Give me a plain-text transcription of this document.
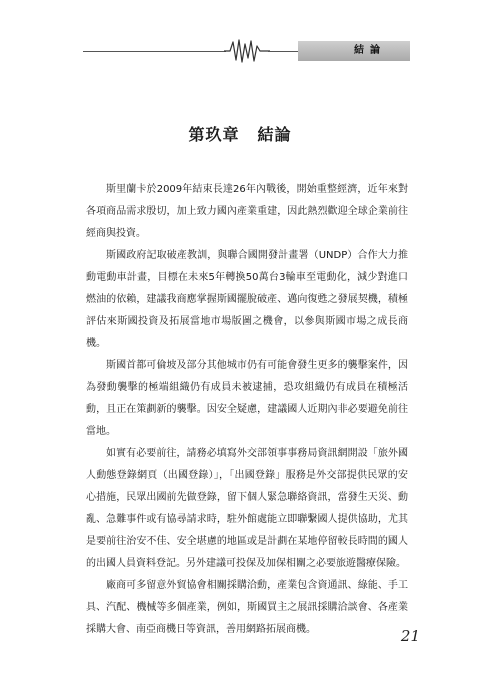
結論
第玖章 結論

斯里蘭卡於2009年結束長達26年內戰後，開始重整經濟，近年來對各項商品需求殷切，加上致力國內產業重建，因此熱烈歡迎全球企業前往經商與投資。

斯國政府記取破產教訓，與聯合國開發計畫署（UNDP）合作大力推動電動車計畫，目標在未來5年轉換50萬台3輪車至電動化，減少對進口燃油的依賴，建議我商應掌握斯國擺脫破產、邁向復甦之發展契機，積極評估來斯國投資及拓展當地市場版圖之機會，以參與斯國市場之成長商機。

斯國首都可倫坡及部分其他城市仍有可能會發生更多的襲擊案件，因為發動襲擊的極端組織仍有成員未被逮捕，恐攻組織仍有成員在積極活動，且正在策劃新的襲擊。因安全疑慮，建議國人近期內非必要避免前往當地。

如實有必要前往，請務必填寫外交部領事事務局資訊網開設「旅外國人動態登錄網頁（出國登錄）」，「出國登錄」服務是外交部提供民眾的安心措施，民眾出國前先做登錄，留下個人緊急聯絡資訊，當發生天災、動亂、急難事件或有協尋請求時，駐外館處能立即聯繫國人提供協助，尤其是要前往治安不佳、安全堪慮的地區或是計劃在某地停留較長時間的國人的出國人員資料登記。另外建議可投保及加保相關之必要旅遊醫療保險。

廠商可多留意外貿協會相關採購洽動，產業包含資通訊、綠能、手工具、汽配、機械等多個產業，例如，斯國買主之展訊採購洽談會、各產業採購大會、南亞商機日等資訊，善用網路拓展商機。	21
